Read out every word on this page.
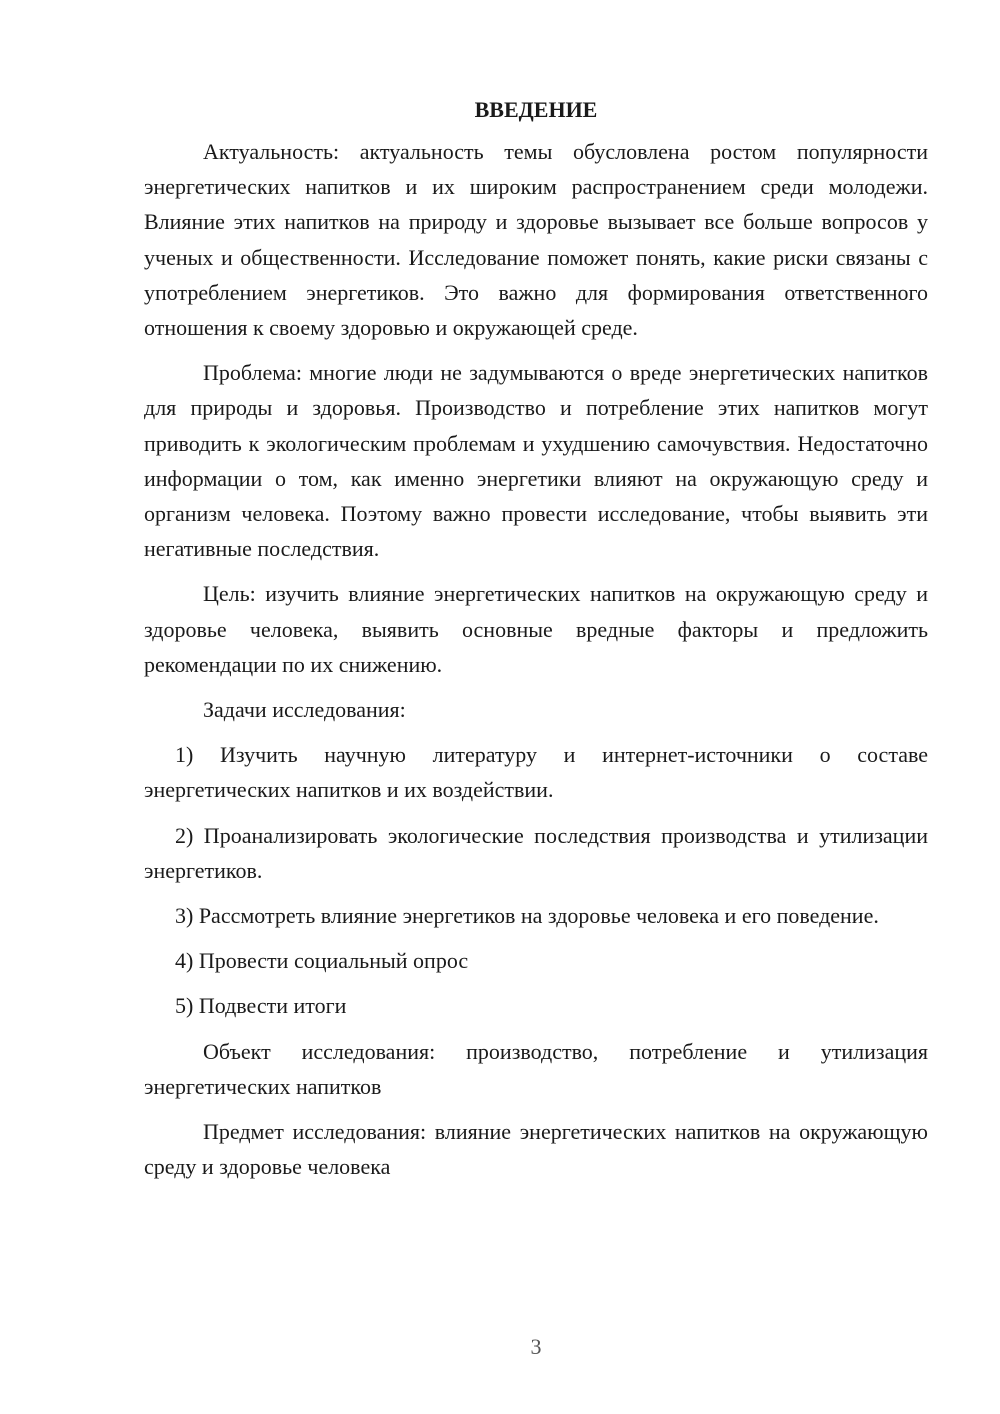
ВВЕДЕНИЕ

Актуальность: актуальность темы обусловлена ростом популярности энергетических напитков и их широким распространением среди молодежи. Влияние этих напитков на природу и здоровье вызывает все больше вопросов у ученых и общественности. Исследование поможет понять, какие риски связаны с употреблением энергетиков. Это важно для формирования ответственного отношения к своему здоровью и окружающей среде.

Проблема: многие люди не задумываются о вреде энергетических напитков для природы и здоровья. Производство и потребление этих напитков могут приводить к экологическим проблемам и ухудшению самочувствия. Недостаточно информации о том, как именно энергетики влияют на окружающую среду и организм человека. Поэтому важно провести исследование, чтобы выявить эти негативные последствия.

Цель: изучить влияние энергетических напитков на окружающую среду и здоровье человека, выявить основные вредные факторы и предложить рекомендации по их снижению.

Задачи исследования:

1) Изучить научную литературу и интернет-источники о составе энергетических напитков и их воздействии.

2) Проанализировать экологические последствия производства и утилизации энергетиков.

3) Рассмотреть влияние энергетиков на здоровье человека и его поведение.

4) Провести социальный опрос

5) Подвести итоги

Объект исследования: производство, потребление и утилизация энергетических напитков

Предмет исследования: влияние энергетических напитков на окружающую среду и здоровье человека

3
